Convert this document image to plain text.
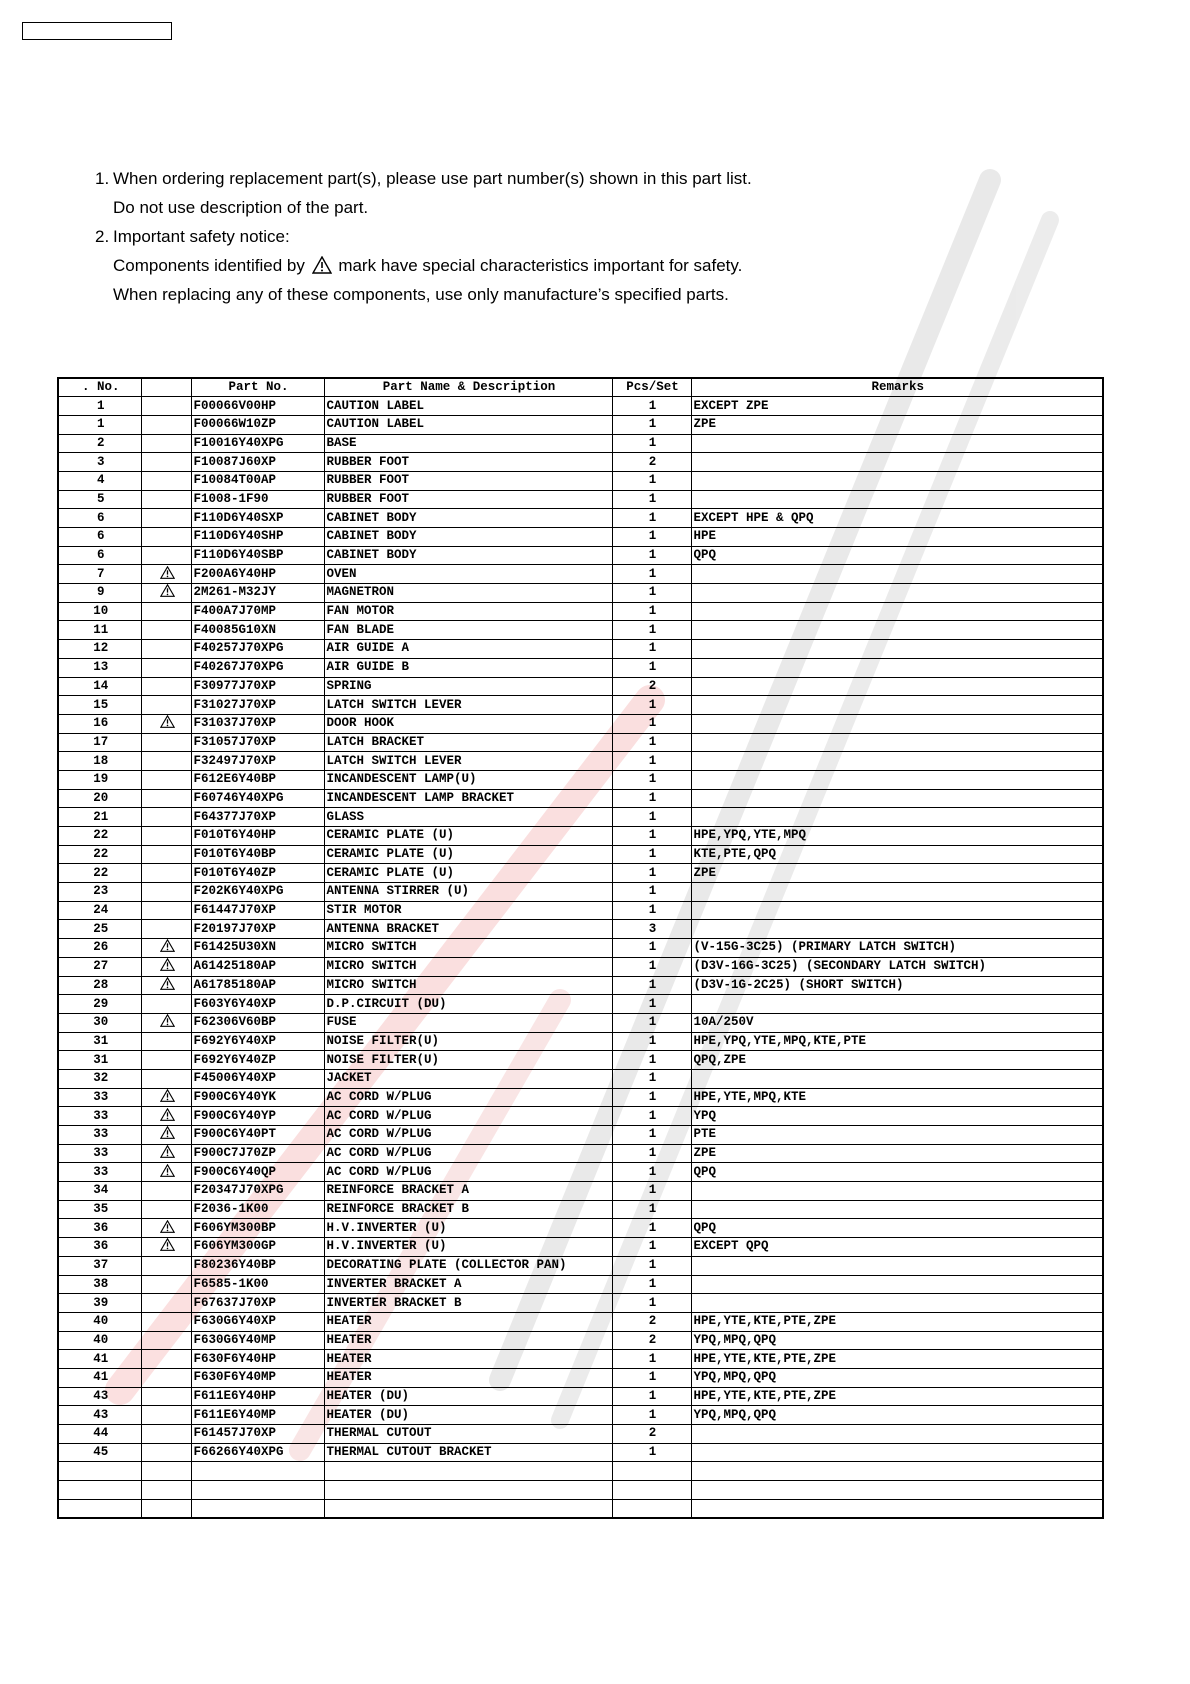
1. When ordering replacement part(s), please use part number(s) shown in this part list.
Do not use description of the part.
2. Important safety notice:
Components identified by mark have special characteristics important for safety.
When replacing any of these components, use only manufacture’s specified parts.
. No.		Part No.	Part Name & Description	Pcs/Set	Remarks
1		F00066V00HP	CAUTION LABEL	1	EXCEPT ZPE
1		F00066W10ZP	CAUTION LABEL	1	ZPE
2		F10016Y40XPG	BASE	1	
3		F10087J60XP	RUBBER FOOT	2	
4		F10084T00AP	RUBBER FOOT	1	
5		F1008-1F90	RUBBER FOOT	1	
6		F110D6Y40SXP	CABINET BODY	1	EXCEPT HPE & QPQ
6		F110D6Y40SHP	CABINET BODY	1	HPE
6		F110D6Y40SBP	CABINET BODY	1	QPQ
7		F200A6Y40HP	OVEN	1	
9		2M261-M32JY	MAGNETRON	1	
10		F400A7J70MP	FAN MOTOR	1	
11		F40085G10XN	FAN BLADE	1	
12		F40257J70XPG	AIR GUIDE A	1	
13		F40267J70XPG	AIR GUIDE B	1	
14		F30977J70XP	SPRING	2	
15		F31027J70XP	LATCH SWITCH LEVER	1	
16		F31037J70XP	DOOR HOOK	1	
17		F31057J70XP	LATCH BRACKET	1	
18		F32497J70XP	LATCH SWITCH LEVER	1	
19		F612E6Y40BP	INCANDESCENT LAMP(U)	1	
20		F60746Y40XPG	INCANDESCENT LAMP BRACKET	1	
21		F64377J70XP	GLASS	1	
22		F010T6Y40HP	CERAMIC PLATE (U)	1	HPE,YPQ,YTE,MPQ
22		F010T6Y40BP	CERAMIC PLATE (U)	1	KTE,PTE,QPQ
22		F010T6Y40ZP	CERAMIC PLATE (U)	1	ZPE
23		F202K6Y40XPG	ANTENNA STIRRER (U)	1	
24		F61447J70XP	STIR MOTOR	1	
25		F20197J70XP	ANTENNA BRACKET	3	
26		F61425U30XN	MICRO SWITCH	1	(V-15G-3C25) (PRIMARY LATCH SWITCH)
27		A61425180AP	MICRO SWITCH	1	(D3V-16G-3C25) (SECONDARY LATCH SWITCH)
28		A61785180AP	MICRO SWITCH	1	(D3V-1G-2C25) (SHORT SWITCH)
29		F603Y6Y40XP	D.P.CIRCUIT (DU)	1	
30		F62306V60BP	FUSE	1	10A/250V
31		F692Y6Y40XP	NOISE FILTER(U)	1	HPE,YPQ,YTE,MPQ,KTE,PTE
31		F692Y6Y40ZP	NOISE FILTER(U)	1	QPQ,ZPE
32		F45006Y40XP	JACKET	1	
33		F900C6Y40YK	AC CORD W/PLUG	1	HPE,YTE,MPQ,KTE
33		F900C6Y40YP	AC CORD W/PLUG	1	YPQ
33		F900C6Y40PT	AC CORD W/PLUG	1	PTE
33		F900C7J70ZP	AC CORD W/PLUG	1	ZPE
33		F900C6Y40QP	AC CORD W/PLUG	1	QPQ
34		F20347J70XPG	REINFORCE BRACKET A	1	
35		F2036-1K00	REINFORCE BRACKET B	1	
36		F606YM300BP	H.V.INVERTER (U)	1	QPQ
36		F606YM300GP	H.V.INVERTER (U)	1	EXCEPT QPQ
37		F80236Y40BP	DECORATING PLATE (COLLECTOR PAN)	1	
38		F6585-1K00	INVERTER BRACKET A	1	
39		F67637J70XP	INVERTER BRACKET B	1	
40		F630G6Y40XP	HEATER	2	HPE,YTE,KTE,PTE,ZPE
40		F630G6Y40MP	HEATER	2	YPQ,MPQ,QPQ
41		F630F6Y40HP	HEATER	1	HPE,YTE,KTE,PTE,ZPE
41		F630F6Y40MP	HEATER	1	YPQ,MPQ,QPQ
43		F611E6Y40HP	HEATER (DU)	1	HPE,YTE,KTE,PTE,ZPE
43		F611E6Y40MP	HEATER (DU)	1	YPQ,MPQ,QPQ
44		F61457J70XP	THERMAL CUTOUT	2	
45		F66266Y40XPG	THERMAL CUTOUT BRACKET	1	
